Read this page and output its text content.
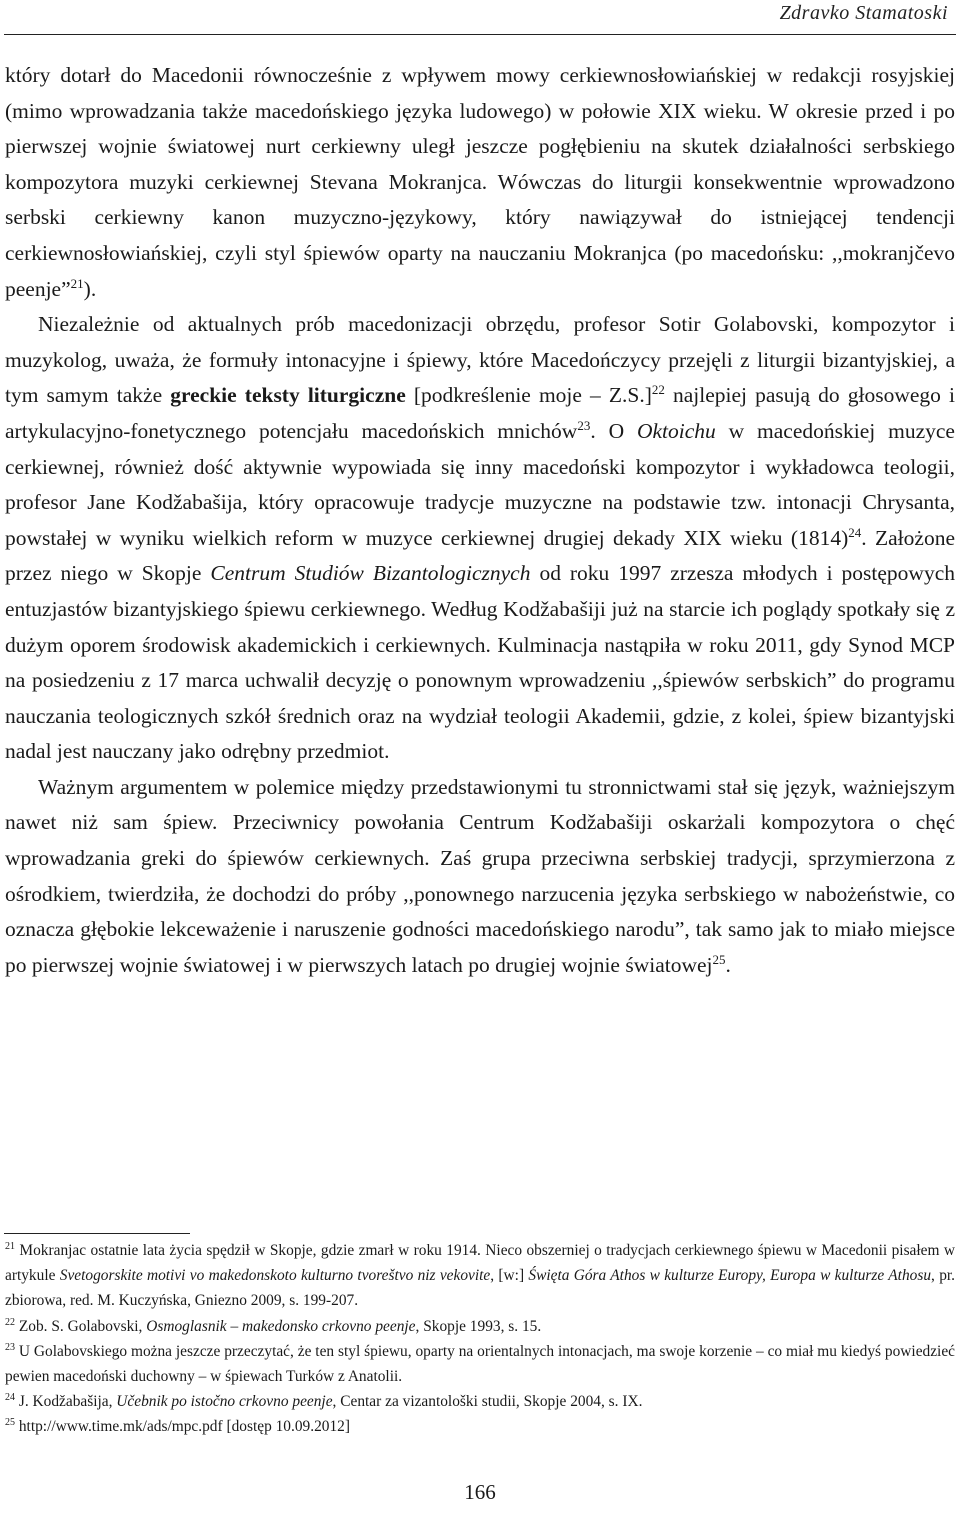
Zdravko Stamatoski

który dotarł do Macedonii równocześnie z wpływem mowy cerkiewnosłowiańskiej w redakcji rosyjskiej (mimo wprowadzania także macedońskiego języka ludowego) w połowie XIX wieku. W okresie przed i po pierwszej wojnie światowej nurt cerkiewny uległ jeszcze pogłębieniu na skutek działalności serbskiego kompozytora muzyki cerkiewnej Stevana Mokranjca. Wówczas do liturgii konsekwentnie wprowadzono serbski cerkiewny kanon muzyczno-językowy, który nawiązywał do istniejącej tendencji cerkiewnosłowiańskiej, czyli styl śpiewów oparty na nauczaniu Mokranjca (po macedońsku: ,,mokranjčevo peenje”$^{21}$).

Niezależnie od aktualnych prób macedonizacji obrzędu, profesor Sotir Golabovski, kompozytor i muzykolog, uważa, że formuły intonacyjne i śpiewy, które Macedończycy przejęli z liturgii bizantyjskiej, a tym samym także greckie teksty liturgiczne [podkreślenie moje – Z.S.]$^{22}$ najlepiej pasują do głosowego i artykulacyjno-fonetycznego potencjału macedońskich mnichów$^{23}$. O Oktoichu w macedońskiej muzyce cerkiewnej, również dość aktywnie wypowiada się inny macedoński kompozytor i wykładowca teologii, profesor Jane Kodžabašija, który opracowuje tradycje muzyczne na podstawie tzw. intonacji Chrysanta, powstałej w wyniku wielkich reform w muzyce cerkiewnej drugiej dekady XIX wieku $(1814)^{24}$. Założone przez niego w Skopje Centrum Studiów Bizantologicznych od roku 1997 zrzesza młodych i postępowych entuzjastów bizantyjskiego śpiewu cerkiewnego. Według Kodžabašiji już na starcie ich poglądy spotkały się z dużym oporem środowisk akademickich i cerkiewnych. Kulminacja nastąpiła w roku 2011, gdy Synod MCP na posiedzeniu z 17 marca uchwalił decyzję o ponownym wprowadzeniu ,,śpiewów serbskich” do programu nauczania teologicznych szkół średnich oraz na wydział teologii Akademii, gdzie, z kolei, śpiew bizantyjski nadal jest nauczany jako odrębny przedmiot.

Ważnym argumentem w polemice między przedstawionymi tu stronnictwami stał się język, ważniejszym nawet niż sam śpiew. Przeciwnicy powołania Centrum Kodžabašiji oskarżali kompozytora o chęć wprowadzania greki do śpiewów cerkiewnych. Zaś grupa przeciwna serbskiej tradycji, sprzymierzona z ośrodkiem, twierdziła, że dochodzi do próby ,,ponownego narzucenia języka serbskiego w nabożeństwie, co oznacza głębokie lekceważenie i naruszenie godności macedońskiego narodu”, tak samo jak to miało miejsce po pierwszej wojnie światowej i w pierwszych latach po drugiej wojnie światowej$^{25}$.

$^{21}$ Mokranjac ostatnie lata życia spędził w Skopje, gdzie zmarł w roku 1914. Nieco obszerniej o tradycjach cerkiewnego śpiewu w Macedonii pisałem w artykule Svetogorskite motivi vo makedonskoto kulturno tvoreštvo niz vekovite, [w:] Święta Góra Athos w kulturze Europy, Europa w kulturze Athosu, pr. zbiorowa, red. M. Kuczyńska, Gniezno 2009, s. 199-207.

$^{22}$ Zob. S. Golabovski, Osmoglasnik – makedonsko crkovno peenje, Skopje 1993, s. 15.

$^{23}$ U Golabovskiego można jeszcze przeczytać, że ten styl śpiewu, oparty na orientalnych intonacjach, ma swoje korzenie – co miał mu kiedyś powiedzieć pewien macedoński duchowny – w śpiewach Turków z Anatolii.

$^{24}$ J. Kodžabašija, Učebnik po istočno crkovno peenje, Centar za vizantološki studii, Skopje 2004, s. IX.

$^{25}$ http://www.time.mk/ads/mpc.pdf [dostęp 10.09.2012]

166
